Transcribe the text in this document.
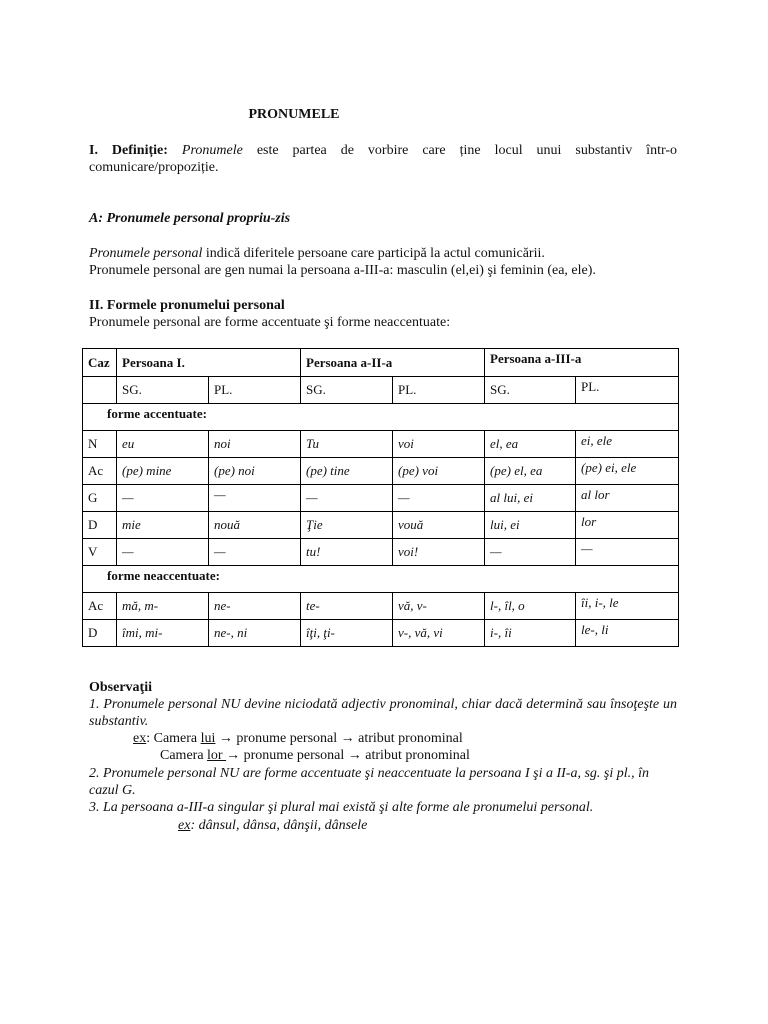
PRONUMELE
I. Definiție: Pronumele este partea de vorbire care ține locul unui substantiv într-o comunicare/propoziție.
A: Pronumele personal propriu-zis
Pronumele personal indică diferitele persoane care participă la actul comunicării.
Pronumele personal are gen numai la persoana a-III-a: masculin (el,ei) şi feminin (ea, ele).
II. Formele pronumelui personal
Pronumele personal are forme accentuate şi forme neaccentuate:
Caz	Persoana I.		Persoana a-II-a		Persoana a-III-a	
	SG.	PL.	SG.	PL.	SG.	PL.
forme accentuate:						
N	eu	noi	Tu	voi	el, ea	ei, ele
Ac	(pe) mine	(pe) noi	(pe) tine	(pe) voi	(pe) el, ea	(pe) ei, ele
G	—	—	—	—	al lui, ei	al lor
D	mie	nouă	Ţie	vouă	lui, ei	lor
V	—	—	tu!	voi!	—	—
forme neaccentuate:						
Ac	mă, m-	ne-	te-	vă, v-	l-, îl, o	îi, i-, le
D	îmi, mi-	ne-, ni	îţi, ţi-	v-, vă, vi	i-, îi	le-, li
Observaţii
1. Pronumele personal NU devine niciodată adjectiv pronominal, chiar dacă determină sau însoţeşte un substantiv.
ex: Camera lui → pronume personal → atribut pronominal
Camera lor → pronume personal → atribut pronominal
2. Pronumele personal NU are forme accentuate şi neaccentuate la persoana I şi a II-a, sg. şi pl., în cazul G.
3. La persoana a-III-a singular şi plural mai există şi alte forme ale pronumelui personal.
ex: dânsul, dânsa, dânşii, dânsele
